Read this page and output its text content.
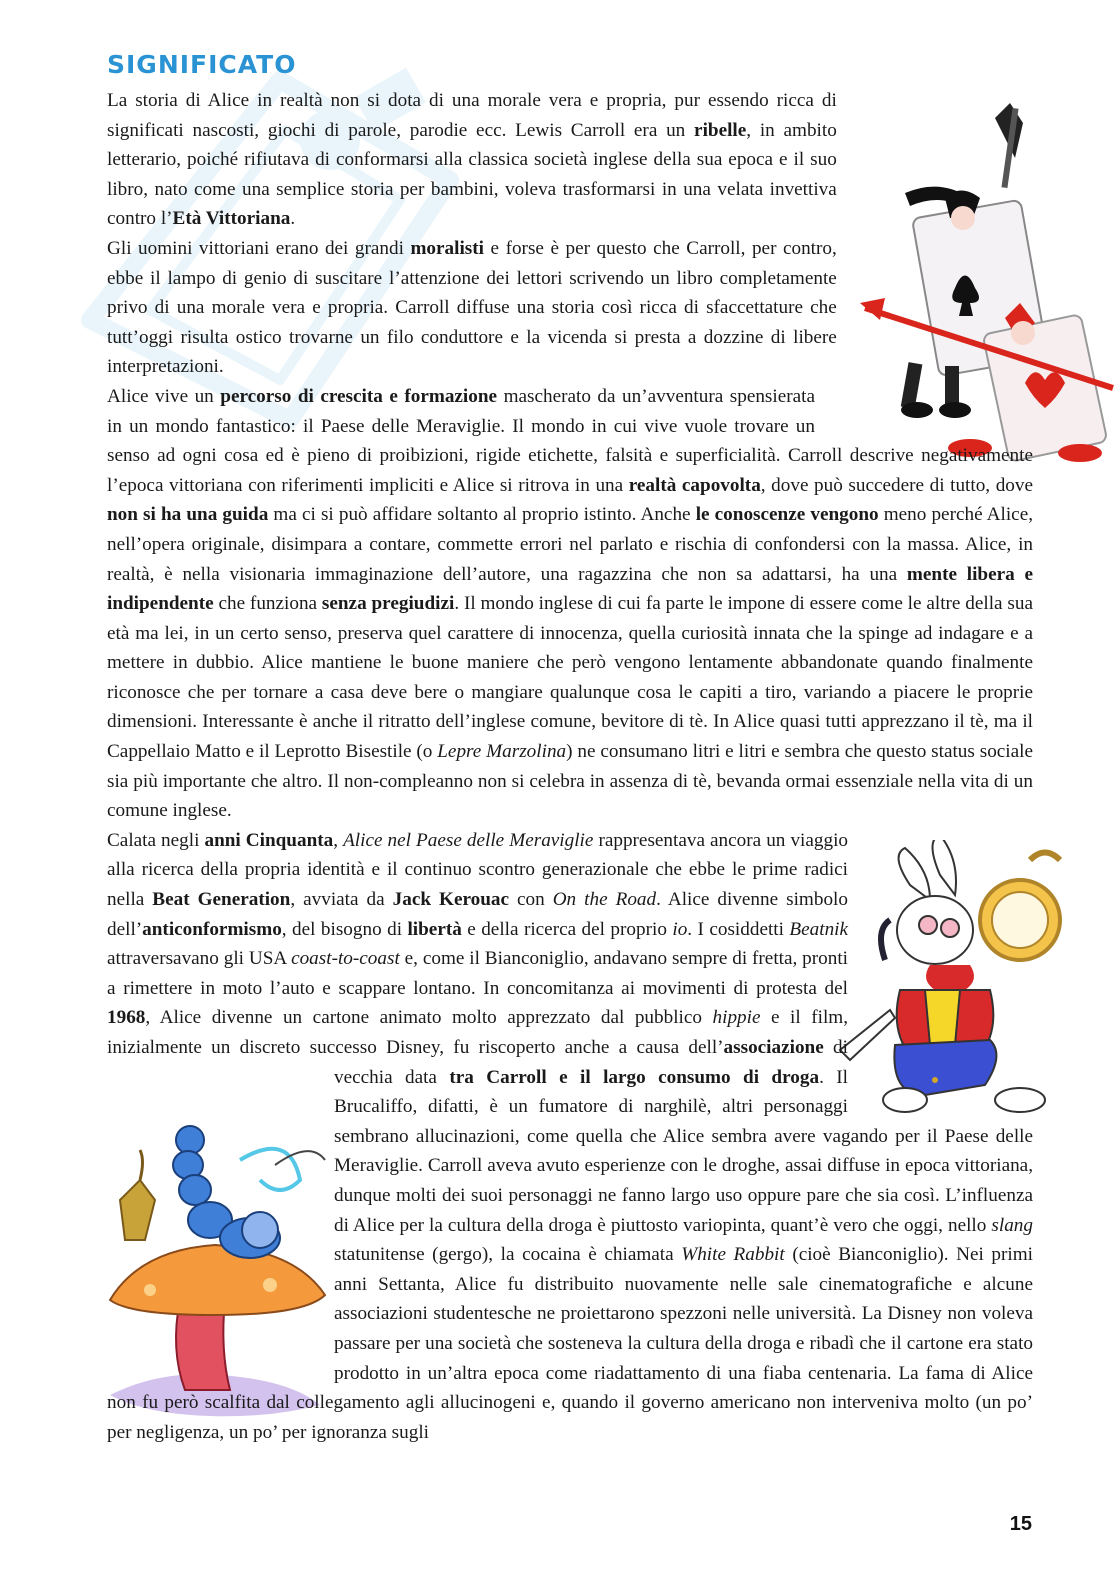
SIGNIFICATO

La storia di Alice in realtà non si dota di una morale vera e propria, pur essendo ricca di significati nascosti, giochi di parole, parodie ecc. Lewis Carroll era un ribelle, in ambito letterario, poiché rifiutava di conformarsi alla classica società inglese della sua epoca e il suo libro, nato come una semplice storia per bambini, voleva trasformarsi in una velata invettiva contro l’Età Vittoriana.

Gli uomini vittoriani erano dei grandi moralisti e forse è per questo che Carroll, per contro, ebbe il lampo di genio di suscitare l’attenzione dei lettori scrivendo un libro completamente privo di una morale vera e propria. Carroll diffuse una storia così ricca di sfaccettature che tutt’oggi risulta ostico trovarne un filo conduttore e la vicenda si presta a dozzine di libere interpretazioni.

Alice vive un percorso di crescita e formazione mascherato da un’avventura spensierata in un mondo fantastico: il Paese delle Meraviglie. Il mondo in cui vive vuole trovare un senso ad ogni cosa ed è pieno di proibizioni, rigide etichette, falsità e superficialità. Carroll descrive negativamente l’epoca vittoriana con riferimenti impliciti e Alice si ritrova in una realtà capovolta, dove può succedere di tutto, dove non si ha una guida ma ci si può affidare soltanto al proprio istinto. Anche le conoscenze vengono meno perché Alice, nell’opera originale, disimpara a contare, commette errori nel parlato e rischia di confondersi con la massa. Alice, in realtà, è nella visionaria immaginazione dell’autore, una ragazzina che non sa adattarsi, ha una mente libera e indipendente che funziona senza pregiudizi. Il mondo inglese di cui fa parte le impone di essere come le altre della sua età ma lei, in un certo senso, preserva quel carattere di innocenza, quella curiosità innata che la spinge ad indagare e a mettere in dubbio. Alice mantiene le buone maniere che però vengono lentamente abbandonate quando finalmente riconosce che per tornare a casa deve bere o mangiare qualunque cosa le capiti a tiro, variando a piacere le proprie dimensioni. Interessante è anche il ritratto dell’inglese comune, bevitore di tè. In Alice quasi tutti apprezzano il tè, ma il Cappellaio Matto e il Leprotto Bisestile (o Lepre Marzolina) ne consumano litri e litri e sembra che questo status sociale sia più importante che altro. Il non-compleanno non si celebra in assenza di tè, bevanda ormai essenziale nella vita di un comune inglese.

Calata negli anni Cinquanta, Alice nel Paese delle Meraviglie rappresentava ancora un viaggio alla ricerca della propria identità e il continuo scontro generazionale che ebbe le prime radici nella Beat Generation, avviata da Jack Kerouac con On the Road. Alice divenne simbolo dell’anticonformismo, del bisogno di libertà e della ricerca del proprio io. I cosiddetti Beatnik attraversavano gli USA coast-to-coast e, come il Bianconiglio, andavano sempre di fretta, pronti a rimettere in moto l’auto e scappare lontano. In concomitanza ai movimenti di protesta del 1968, Alice divenne un cartone animato molto apprezzato dal pubblico hippie e il film, inizialmente un discreto successo Disney, fu riscoperto anche a causa dell’associazione
di vecchia data tra Carroll e il largo consumo di droga. Il Brucaliffo, difatti, è un fumatore di narghilè, altri personaggi sembrano allucinazioni, come quella che Alice sembra avere vagando per il Paese delle Meraviglie. Carroll aveva avuto esperienze con le droghe, assai diffuse in epoca vittoriana, dunque molti dei suoi personaggi ne fanno largo uso oppure pare che sia così. L’influenza di Alice per la cultura della droga è piuttosto variopinta, quant’è vero che oggi, nello slang statunitense (gergo), la cocaina è chiamata White Rabbit (cioè Bianconiglio). Nei primi anni Settanta, Alice fu distribuito nuovamente nelle sale cinematografiche e alcune associazioni studentesche ne proiettarono spezzoni nelle università. La Disney non voleva passare per una società che sosteneva la cultura della droga e ribadì che il cartone era stato prodotto in un’altra epoca come riadattamento di una fiaba centenaria. La fama di Alice non fu però scalfita dal collegamento agli allucinogeni e, quando il governo americano non interveniva molto (un po’ per negligenza, un po’ per ignoranza sugli

15
